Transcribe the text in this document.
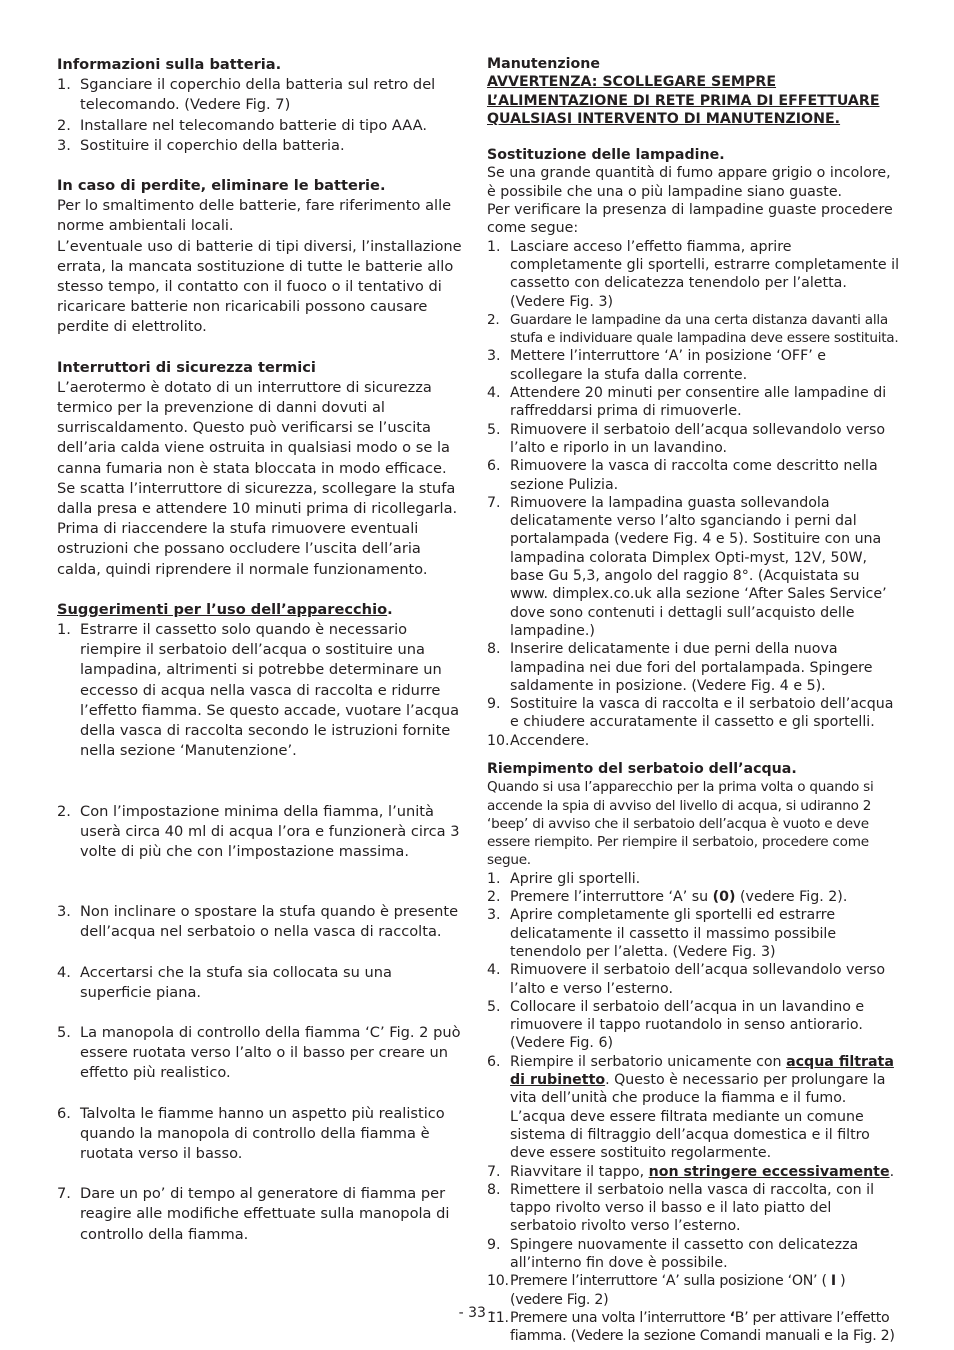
Informazioni sulla batteria.

1. Sganciare il coperchio della batteria sul retro del telecomando. (Vedere Fig. 7)
2. Installare nel telecomando batterie di tipo AAA.
3. Sostituire il coperchio della batteria.

In caso di perdite, eliminare le batterie.

Per lo smaltimento delle batterie, fare riferimento alle norme ambientali locali.

L’eventuale uso di batterie di tipi diversi, l’installazione errata, la mancata sostituzione di tutte le batterie allo stesso tempo, il contatto con il fuoco o il tentativo di ricaricare batterie non ricaricabili possono causare perdite di elettrolito.

Interruttori di sicurezza termici

L’aerotermo è dotato di un interruttore di sicurezza termico per la prevenzione di danni dovuti al surriscaldamento. Questo può verificarsi se l’uscita dell’aria calda viene ostruita in qualsiasi modo o se la canna fumaria non è stata bloccata in modo efficace. Se scatta l’interruttore di sicurezza, scollegare la stufa dalla presa e attendere 10 minuti prima di ricollegarla. Prima di riaccendere la stufa rimuovere eventuali ostruzioni che possano occludere l’uscita dell’aria calda, quindi riprendere il normale funzionamento.

Suggerimenti per l’uso dell’apparecchio.

1. Estrarre il cassetto solo quando è necessario riempire il serbatoio dell’acqua o sostituire una lampadina, altrimenti si potrebbe determinare un eccesso di acqua nella vasca di raccolta e ridurre l’effetto fiamma. Se questo accade, vuotare l’acqua della vasca di raccolta secondo le istruzioni fornite nella sezione ‘Manutenzione’.
2. Con l’impostazione minima della fiamma, l’unità userà circa 40 ml di acqua l’ora e funzionerà circa 3 volte di più che con l’impostazione massima.
3. Non inclinare o spostare la stufa quando è presente dell’acqua nel serbatoio o nella vasca di raccolta.
4. Accertarsi che la stufa sia collocata su una superficie piana.
5. La manopola di controllo della fiamma ‘C’ Fig. 2 può essere ruotata verso l’alto o il basso per creare un effetto più realistico.
6. Talvolta le fiamme hanno un aspetto più realistico quando la manopola di controllo della fiamma è ruotata verso il basso.
7. Dare un po’ di tempo al generatore di fiamma per reagire alle modifiche effettuate sulla manopola di controllo della fiamma.

Manutenzione

AVVERTENZA: SCOLLEGARE SEMPRE L’ALIMENTAZIONE DI RETE PRIMA DI EFFETTUARE QUALSIASI INTERVENTO DI MANUTENZIONE.

Sostituzione delle lampadine.

Se una grande quantità di fumo appare grigio o incolore, è possibile che una o più lampadine siano guaste.

Per verificare la presenza di lampadine guaste procedere come segue:

1. Lasciare acceso l’effetto fiamma, aprire completamente gli sportelli, estrarre completamente il cassetto con delicatezza tenendolo per l’aletta. (Vedere Fig. 3)
2. Guardare le lampadine da una certa distanza davanti alla stufa e individuare quale lampadina deve essere sostituita.
3. Mettere l’interruttore ‘A’ in posizione ‘OFF’ e scollegare la stufa dalla corrente.
4. Attendere 20 minuti per consentire alle lampadine di raffreddarsi prima di rimuoverle.
5. Rimuovere il serbatoio dell’acqua sollevandolo verso l’alto e riporlo in un lavandino.
6. Rimuovere la vasca di raccolta come descritto nella sezione Pulizia.
7. Rimuovere la lampadina guasta sollevandola delicatamente verso l’alto sganciando i perni dal portalampada (vedere Fig. 4 e 5). Sostituire con una lampadina colorata Dimplex Opti-myst, 12V, 50W, base Gu 5,3, angolo del raggio 8°. (Acquistata su www. dimplex.co.uk alla sezione ‘After Sales Service’ dove sono contenuti i dettagli sull’acquisto delle lampadine.)
8. Inserire delicatamente i due perni della nuova lampadina nei due fori del portalampada. Spingere saldamente in posizione. (Vedere Fig. 4 e 5).
9. Sostituire la vasca di raccolta e il serbatoio dell’acqua e chiudere accuratamente il cassetto e gli sportelli.
10. Accendere.

Riempimento del serbatoio dell’acqua.

Quando si usa l’apparecchio per la prima volta o quando si accende la spia di avviso del livello di acqua, si udiranno 2 ‘beep’ di avviso che il serbatoio dell’acqua è vuoto e deve essere riempito. Per riempire il serbatoio, procedere come segue.

1. Aprire gli sportelli.
2. Premere l’interruttore ‘A’ su (0) (vedere Fig. 2).
3. Aprire completamente gli sportelli ed estrarre delicatamente il cassetto il massimo possibile tenendolo per l’aletta. (Vedere Fig. 3)
4. Rimuovere il serbatoio dell’acqua sollevandolo verso l’alto e verso l’esterno.
5. Collocare il serbatoio dell’acqua in un lavandino e rimuovere il tappo ruotandolo in senso antiorario. (Vedere Fig. 6)
6. Riempire il serbatorio unicamente con acqua filtrata di rubinetto. Questo è necessario per prolungare la vita dell’unità che produce la fiamma e il fumo. L’acqua deve essere filtrata mediante un comune sistema di filtraggio dell’acqua domestica e il filtro deve essere sostituito regolarmente.
7. Riavvitare il tappo, non stringere eccessivamente.
8. Rimettere il serbatoio nella vasca di raccolta, con il tappo rivolto verso il basso e il lato piatto del serbatoio rivolto verso l’esterno.
9. Spingere nuovamente il cassetto con delicatezza all’interno fin dove è possibile.
10. Premere l’interruttore ‘A’ sulla posizione ‘ON’ ( I ) (vedere Fig. 2)
11. Premere una volta l’interruttore ‘B’ per attivare l’effetto fiamma. (Vedere la sezione Comandi manuali e la Fig. 2)
- 33 -
